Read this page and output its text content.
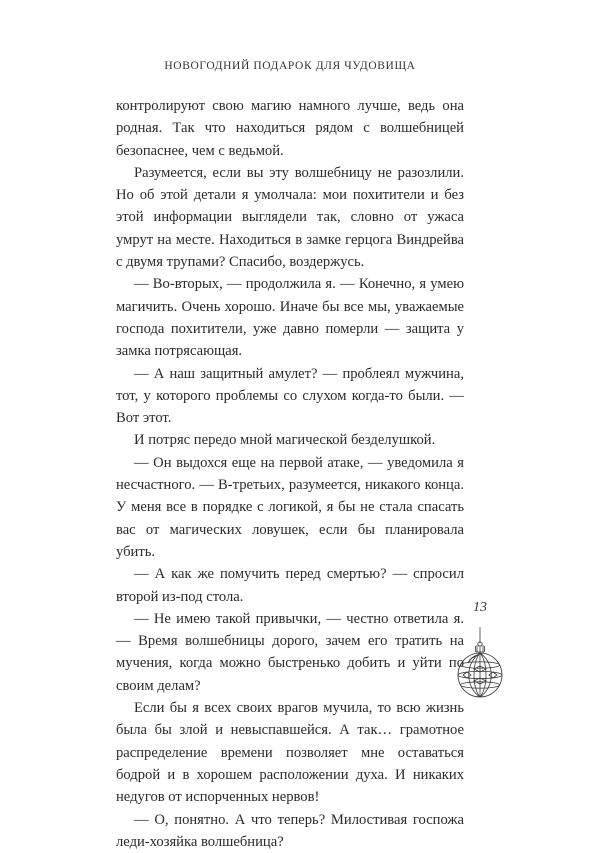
НОВОГОДНИЙ ПОДАРОК ДЛЯ ЧУДОВИЩА

контролируют свою магию намного лучше, ведь она родная. Так что находиться рядом с волшебницей безопаснее, чем с ведьмой.

Разумеется, если вы эту волшебницу не разозлили. Но об этой детали я умолчала: мои похитители и без этой информации выглядели так, словно от ужаса умрут на месте. Находиться в замке герцога Виндрейва с двумя трупами? Спасибо, воздержусь.

— Во-вторых, — продолжила я. — Конечно, я умею магичить. Очень хорошо. Иначе бы все мы, уважаемые господа похитители, уже давно померли — защита у замка потрясающая.

— А наш защитный амулет? — проблеял мужчина, тот, у которого проблемы со слухом когда-то были. — Вот этот.

И потряс передо мной магической безделушкой.

— Он выдохся еще на первой атаке, — уведомила я несчастного. — В-третьих, разумеется, никакого конца. У меня все в порядке с логикой, я бы не стала спасать вас от магических ловушек, если бы планировала убить.

— А как же помучить перед смертью? — спросил второй из-под стола.

— Не имею такой привычки, — честно ответила я. — Время волшебницы дорого, зачем его тратить на мучения, когда можно быстренько добить и уйти по своим делам?

Если бы я всех своих врагов мучила, то всю жизнь была бы злой и невыспавшейся. А так… грамотное распределение времени позволяет мне оставаться бодрой и в хорошем расположении духа. И никаких недугов от испорченных нервов!

— О, понятно. А что теперь? Милостивая госпожа леди-хозяйка волшебница?

13
